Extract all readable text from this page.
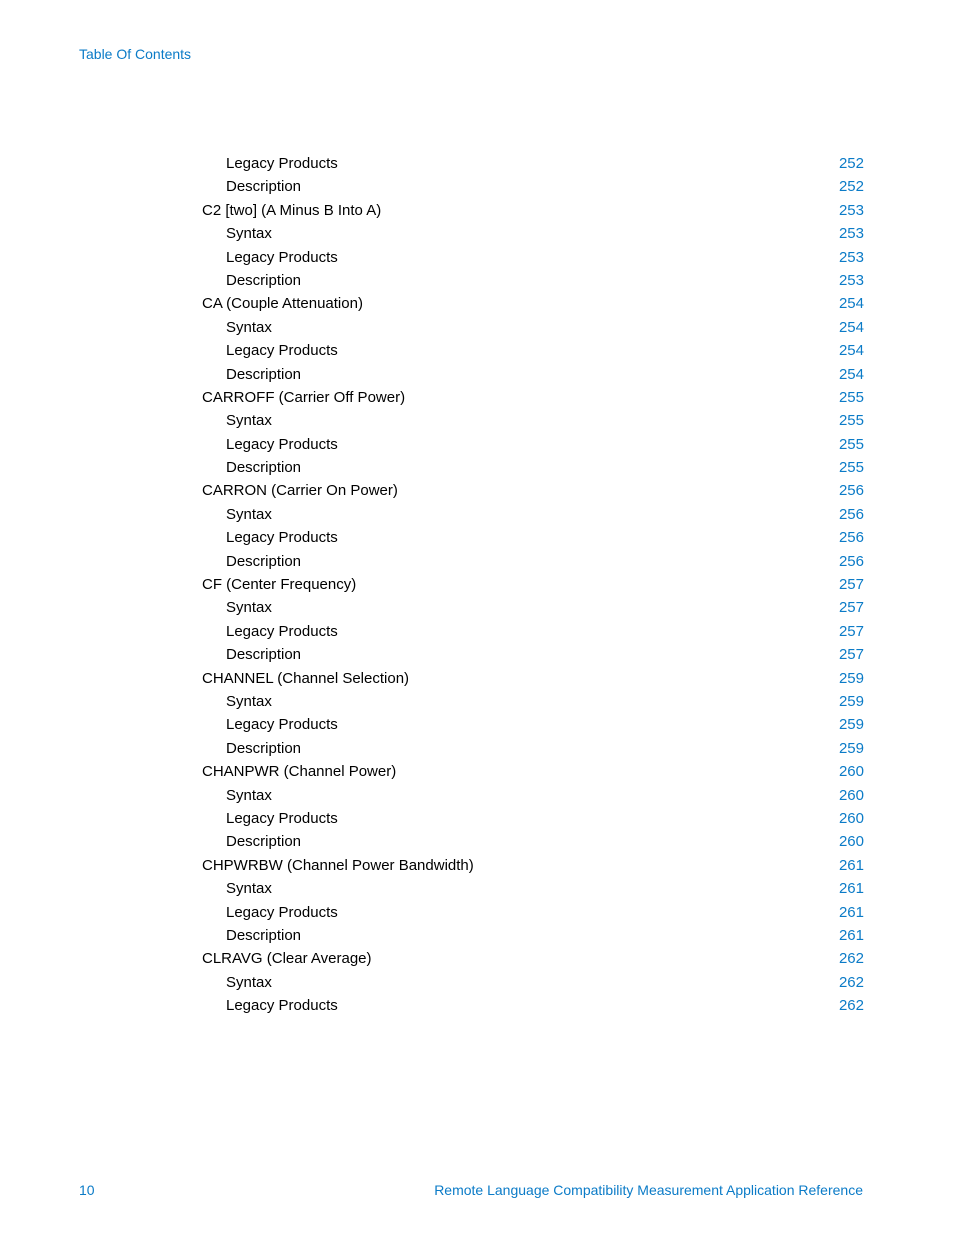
Table Of Contents
Legacy Products	252
Description	252
C2 [two] (A Minus B Into A)	253
Syntax	253
Legacy Products	253
Description	253
CA (Couple Attenuation)	254
Syntax	254
Legacy Products	254
Description	254
CARROFF (Carrier Off Power)	255
Syntax	255
Legacy Products	255
Description	255
CARRON (Carrier On Power)	256
Syntax	256
Legacy Products	256
Description	256
CF (Center Frequency)	257
Syntax	257
Legacy Products	257
Description	257
CHANNEL (Channel Selection)	259
Syntax	259
Legacy Products	259
Description	259
CHANPWR (Channel Power)	260
Syntax	260
Legacy Products	260
Description	260
CHPWRBW (Channel Power Bandwidth)	261
Syntax	261
Legacy Products	261
Description	261
CLRAVG (Clear Average)	262
Syntax	262
Legacy Products	262
10	Remote Language Compatibility Measurement Application Reference
